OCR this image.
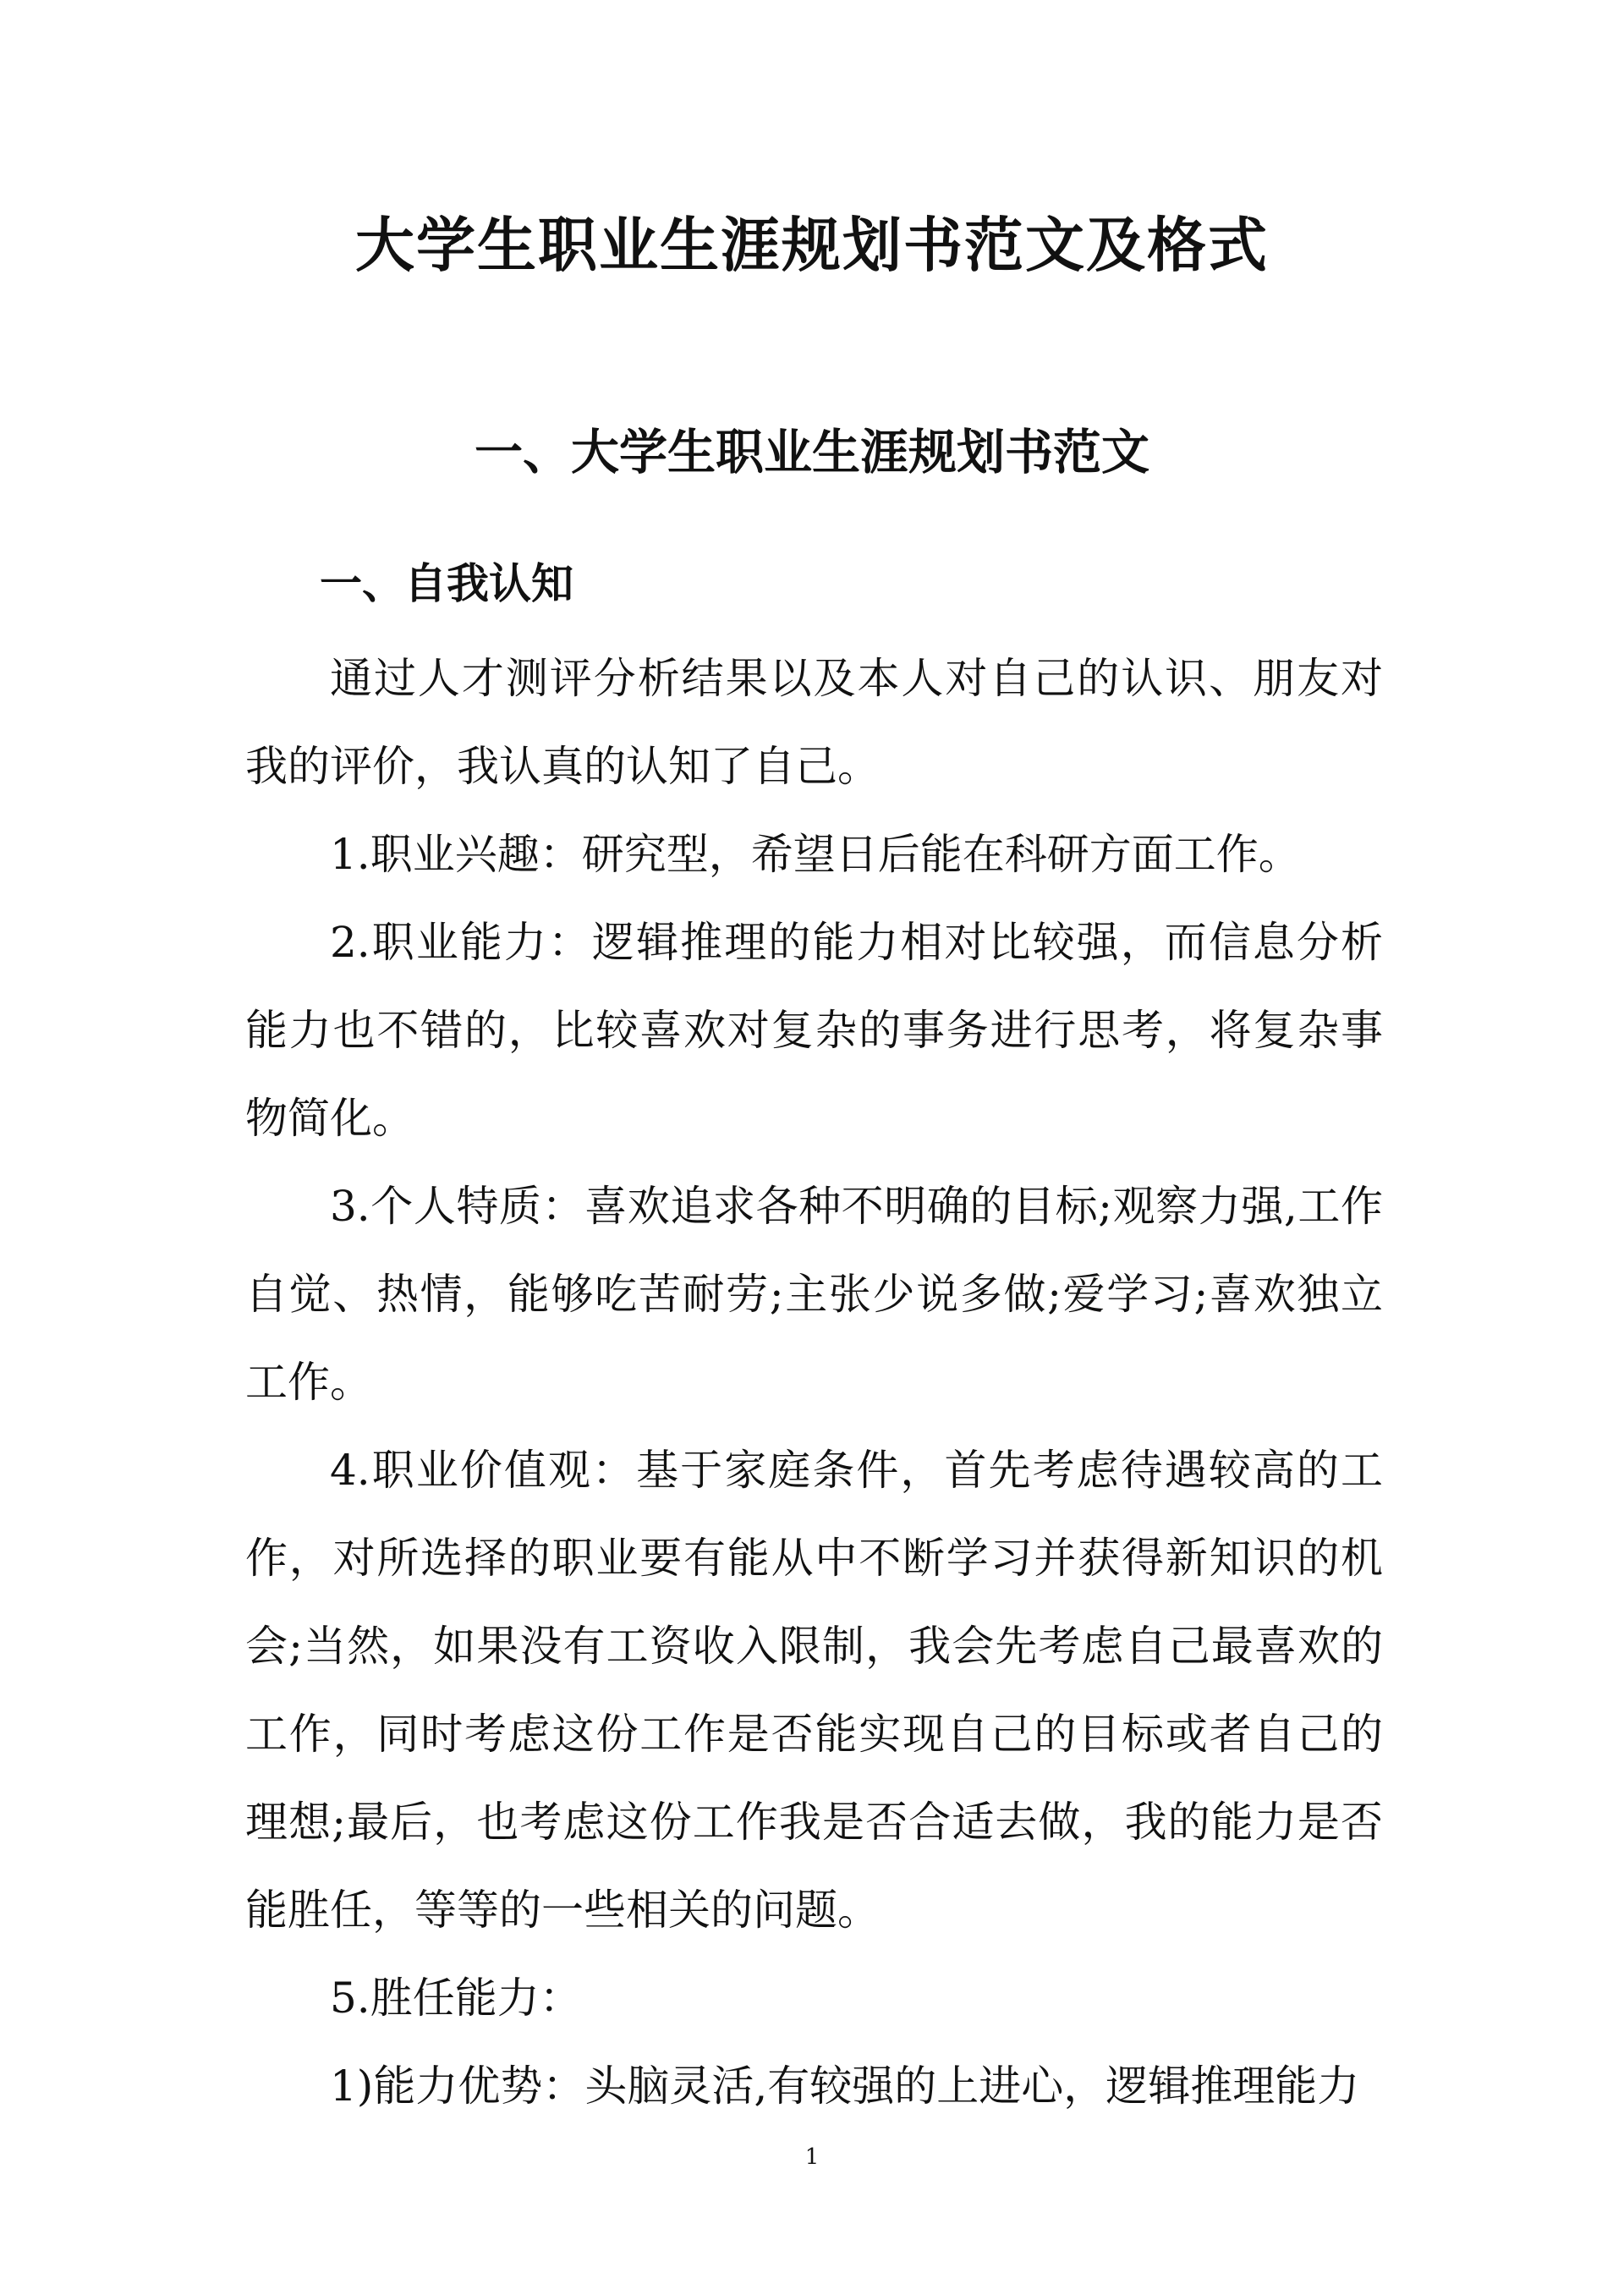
大学生职业生涯规划书范文及格式
一、大学生职业生涯规划书范文
一、自我认知

通过人才测评分析结果以及本人对自己的认识、朋友对我的评价，我认真的认知了自己。

1.职业兴趣：研究型，希望日后能在科研方面工作。

2.职业能力：逻辑推理的能力相对比较强，而信息分析能力也不错的，比较喜欢对复杂的事务进行思考，将复杂事物简化。

3.个人特质：喜欢追求各种不明确的目标;观察力强,工作自觉、热情，能够吃苦耐劳;主张少说多做;爱学习;喜欢独立工作。

4.职业价值观：基于家庭条件，首先考虑待遇较高的工作，对所选择的职业要有能从中不断学习并获得新知识的机会;当然，如果没有工资收入限制，我会先考虑自己最喜欢的工作，同时考虑这份工作是否能实现自己的目标或者自己的理想;最后，也考虑这份工作我是否合适去做，我的能力是否能胜任，等等的一些相关的问题。

5.胜任能力：

1)能力优势：头脑灵活,有较强的上进心，逻辑推理能力

1
